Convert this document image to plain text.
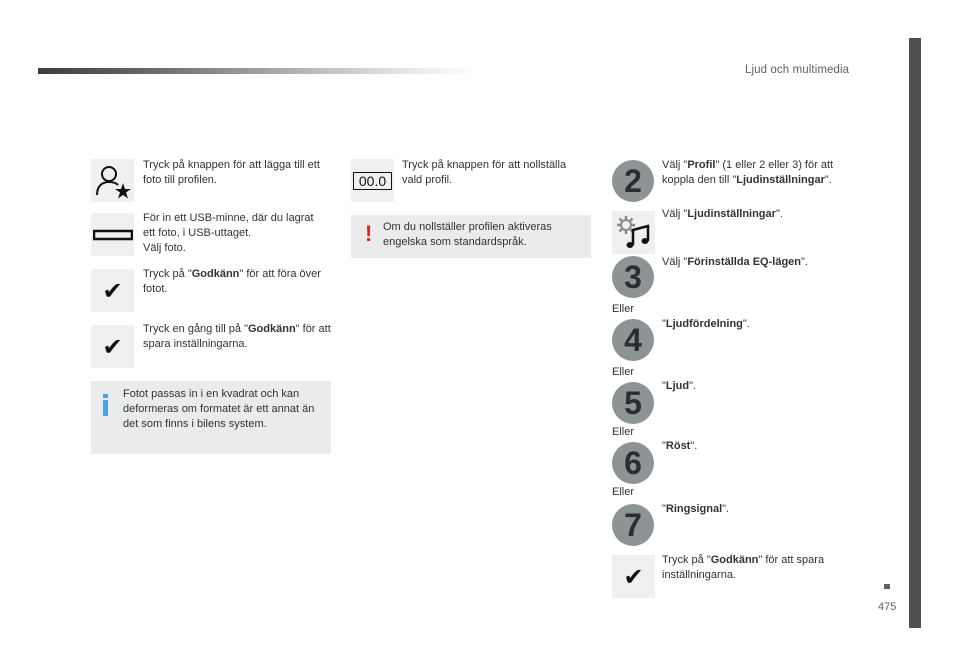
Ljud och multimedia
475
Tryck på knappen för att lägga till ett foto till profilen.
För in ett USB-minne, där du lagrat
ett foto, i USB-uttaget.
Välj foto.
✔
Tryck på "Godkänn" för att föra över fotot.
✔
Tryck en gång till på "Godkänn" för att spara inställningarna.
Fotot passas in i en kvadrat och kan deformeras om formatet är ett annat än det som finns i bilens system.
00.0
Tryck på knappen för att nollställa vald profil.
! Om du nollställer profilen aktiveras engelska som standardspråk.
2	Välj "Profil" (1 eller 2 eller 3) för att koppla den till "Ljudinställningar".
Välj "Ljudinställningar".
3	Välj "Förinställda EQ-lägen".
Eller
4	"Ljudfördelning".
Eller
5	"Ljud".
Eller
6	"Röst".
Eller
7	"Ringsignal".
✔
Tryck på "Godkänn" för att spara inställningarna.
